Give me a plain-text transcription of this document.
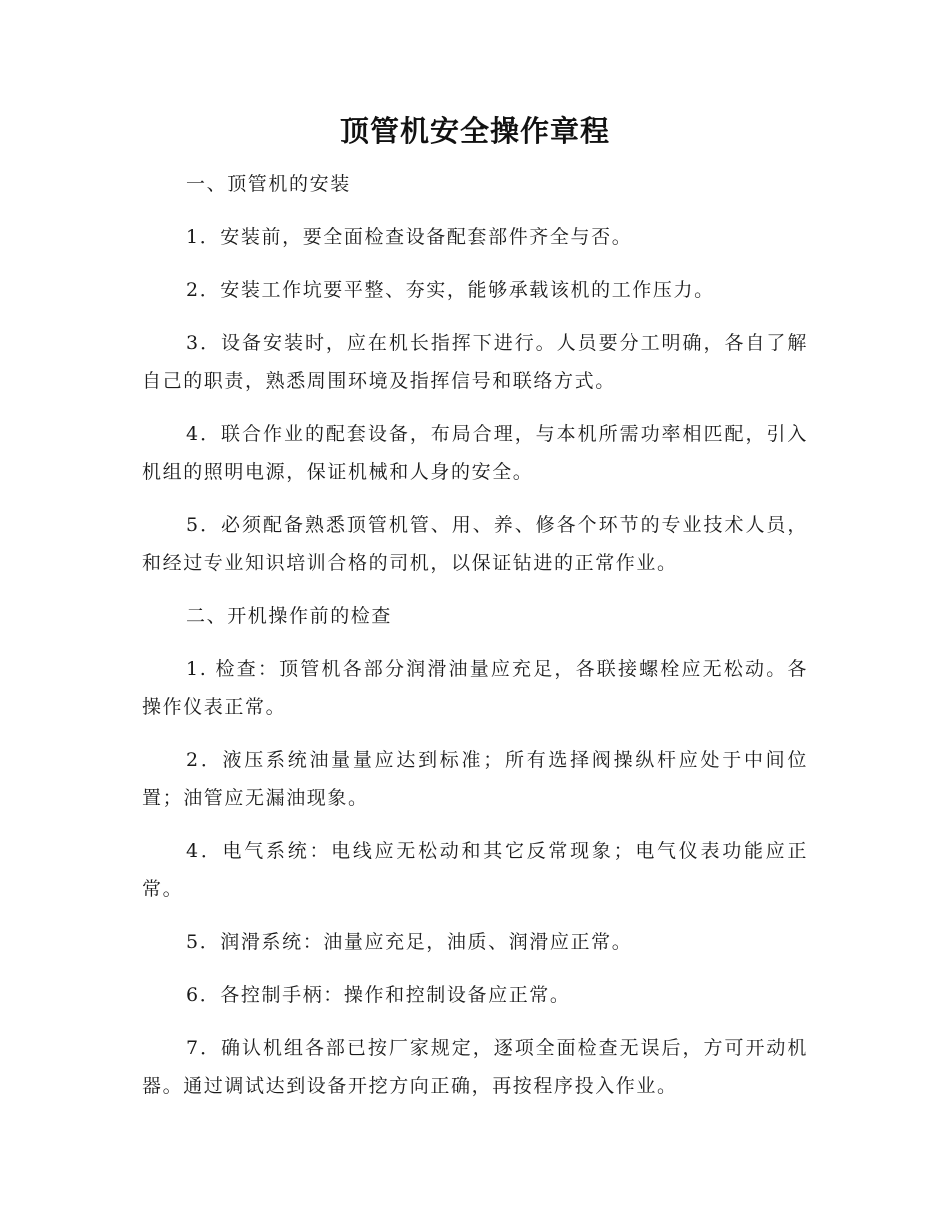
顶管机安全操作章程

一、顶管机的安装

1．安装前，要全面检查设备配套部件齐全与否。

2．安装工作坑要平整、夯实，能够承载该机的工作压力。

3．设备安装时，应在机长指挥下进行。人员要分工明确，各自了解自己的职责，熟悉周围环境及指挥信号和联络方式。

4．联合作业的配套设备，布局合理，与本机所需功率相匹配，引入机组的照明电源，保证机械和人身的安全。

5．必须配备熟悉顶管机管、用、养、修各个环节的专业技术人员，和经过专业知识培训合格的司机，以保证钻进的正常作业。

二、开机操作前的检查

1. 检查：顶管机各部分润滑油量应充足，各联接螺栓应无松动。各操作仪表正常。

2．液压系统油量量应达到标准；所有选择阀操纵杆应处于中间位置；油管应无漏油现象。

4．电气系统：电线应无松动和其它反常现象；电气仪表功能应正常。

5．润滑系统：油量应充足，油质、润滑应正常。

6．各控制手柄：操作和控制设备应正常。

7．确认机组各部已按厂家规定，逐项全面检查无误后，方可开动机器。通过调试达到设备开挖方向正确，再按程序投入作业。
